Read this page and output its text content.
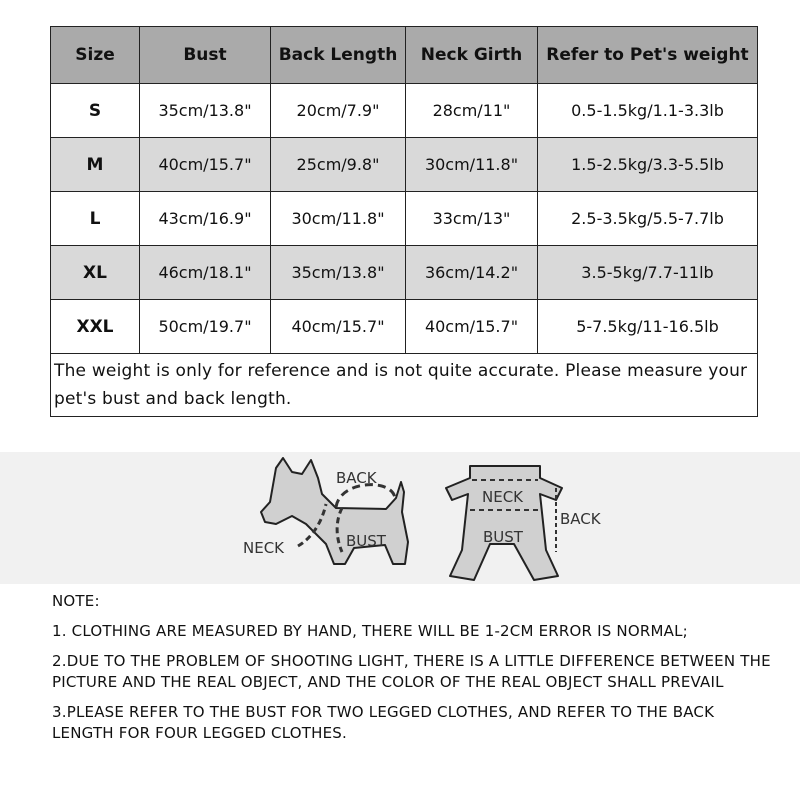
Size	Bust	Back Length	Neck Girth	Refer to Pet's weight
S	35cm/13.8"	20cm/7.9"	28cm/11"	0.5-1.5kg/1.1-3.3lb
M	40cm/15.7"	25cm/9.8"	30cm/11.8"	1.5-2.5kg/3.3-5.5lb
L	43cm/16.9"	30cm/11.8"	33cm/13"	2.5-3.5kg/5.5-7.7lb
XL	46cm/18.1"	35cm/13.8"	36cm/14.2"	3.5-5kg/7.7-11lb
XXL	50cm/19.7"	40cm/15.7"	40cm/15.7"	5-7.5kg/11-16.5lb
The weight is only for reference and is not quite accurate. Please measure your pet's bust and back length.				
BACK
NECK	BUST
NECK
BUST
BACK

NOTE:

1. CLOTHING ARE MEASURED BY HAND, THERE WILL BE 1-2CM ERROR IS NORMAL;

2.DUE TO THE PROBLEM OF SHOOTING LIGHT, THERE IS A LITTLE DIFFERENCE BETWEEN THE PICTURE AND THE REAL OBJECT, AND THE COLOR OF THE REAL OBJECT SHALL PREVAIL

3.PLEASE REFER TO THE BUST FOR TWO LEGGED CLOTHES, AND REFER TO THE BACK LENGTH FOR FOUR LEGGED CLOTHES.
